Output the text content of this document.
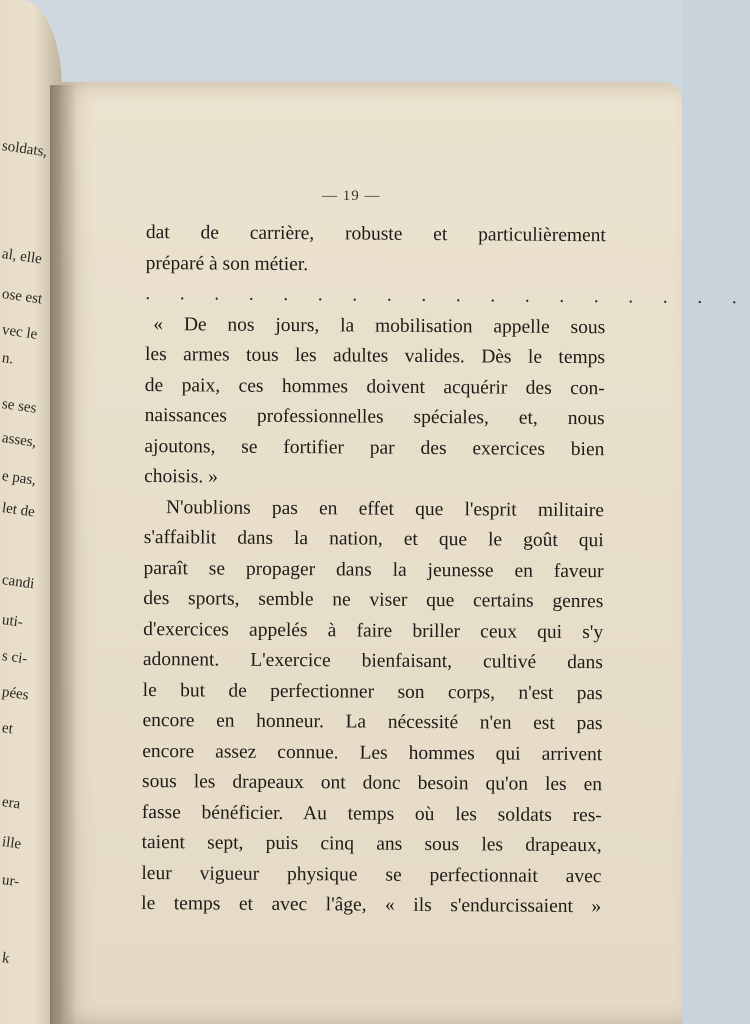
soldats,
al, elle
ose est
vec le
n.
se ses
asses,
e pas,
let de
candi
uti-
s ci-
pées
et
era
ille
ur-
k
— 19 —
dat de carrière, robuste et particulièrement
préparé à son métier.
. . . . . . . . . . . . . . . . . .
« De nos jours, la mobilisation appelle sous
les armes tous les adultes valides. Dès le temps
de paix, ces hommes doivent acquérir des con-
naissances professionnelles spéciales, et, nous
ajoutons, se fortifier par des exercices bien
choisis. »
N'oublions pas en effet que l'esprit militaire
s'affaiblit dans la nation, et que le goût qui
paraît se propager dans la jeunesse en faveur
des sports, semble ne viser que certains genres
d'exercices appelés à faire briller ceux qui s'y
adonnent. L'exercice bienfaisant, cultivé dans
le but de perfectionner son corps, n'est pas
encore en honneur. La nécessité n'en est pas
encore assez connue. Les hommes qui arrivent
sous les drapeaux ont donc besoin qu'on les en
fasse bénéficier. Au temps où les soldats res-
taient sept, puis cinq ans sous les drapeaux,
leur vigueur physique se perfectionnait avec
le temps et avec l'âge, « ils s'endurcissaient »
